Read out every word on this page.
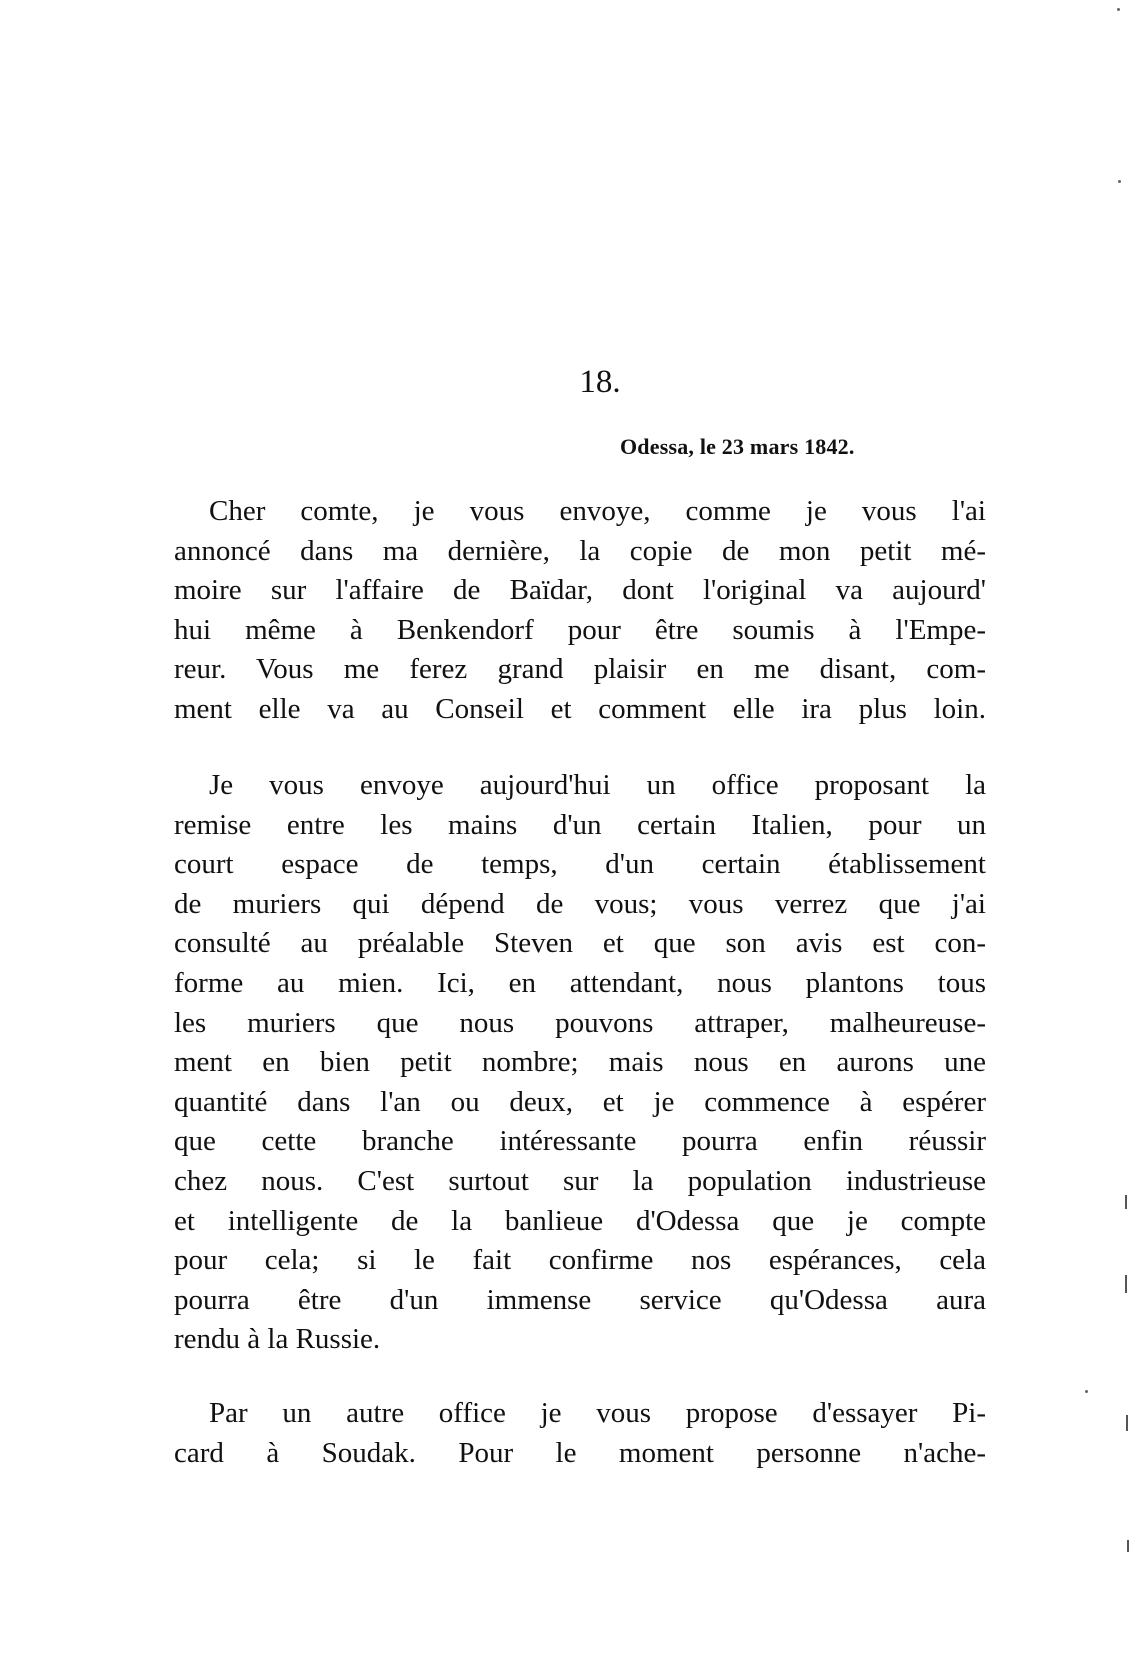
18.
Odessa, le 23 mars 1842.
Cher comte, je vous envoye, comme je vous l'ai
annoncé dans ma dernière, la copie de mon petit mé-
moire sur l'affaire de Baïdar, dont l'original va aujourd'
hui même à Benkendorf pour être soumis à l'Empe-
reur. Vous me ferez grand plaisir en me disant, com-
ment elle va au Conseil et comment elle ira plus loin.
Je vous envoye aujourd'hui un office proposant la
remise entre les mains d'un certain Italien, pour un
court espace de temps, d'un certain établissement
de muriers qui dépend de vous; vous verrez que j'ai
consulté au préalable Steven et que son avis est con-
forme au mien. Ici, en attendant, nous plantons tous
les muriers que nous pouvons attraper, malheureuse-
ment en bien petit nombre; mais nous en aurons une
quantité dans l'an ou deux, et je commence à espérer
que cette branche intéressante pourra enfin réussir
chez nous. C'est surtout sur la population industrieuse
et intelligente de la banlieue d'Odessa que je compte
pour cela; si le fait confirme nos espérances, cela
pourra être d'un immense service qu'Odessa aura
rendu à la Russie.
Par un autre office je vous propose d'essayer Pi-
card à Soudak. Pour le moment personne n'ache-
